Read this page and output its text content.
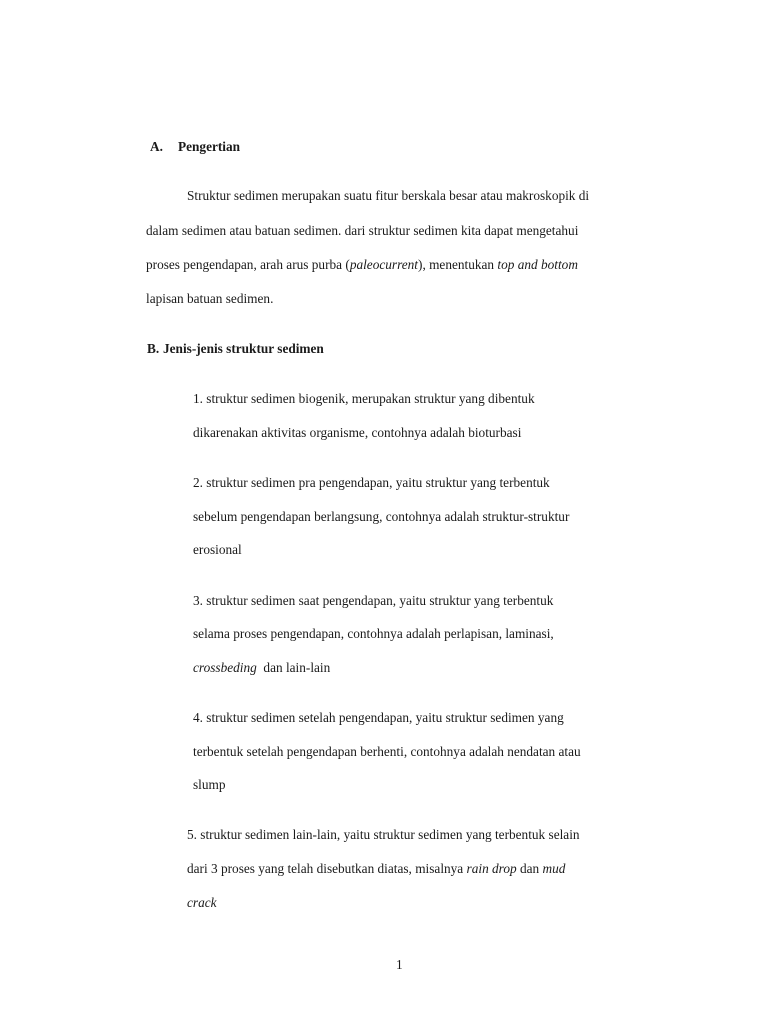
A. Pengertian
Struktur sedimen merupakan suatu fitur berskala besar atau makroskopik di
dalam sedimen atau batuan sedimen. dari struktur sedimen kita dapat mengetahui
proses pengendapan, arah arus purba (paleocurrent), menentukan top and bottom
lapisan batuan sedimen.
B. Jenis-jenis struktur sedimen
1. struktur sedimen biogenik, merupakan struktur yang dibentuk
dikarenakan aktivitas organisme, contohnya adalah bioturbasi
2. struktur sedimen pra pengendapan, yaitu struktur yang terbentuk
sebelum pengendapan berlangsung, contohnya adalah struktur-struktur
erosional
3. struktur sedimen saat pengendapan, yaitu struktur yang terbentuk
selama proses pengendapan, contohnya adalah perlapisan, laminasi,
crossbeding  dan lain-lain
4. struktur sedimen setelah pengendapan, yaitu struktur sedimen yang
terbentuk setelah pengendapan berhenti, contohnya adalah nendatan atau
slump
5. struktur sedimen lain-lain, yaitu struktur sedimen yang terbentuk selain
dari 3 proses yang telah disebutkan diatas, misalnya rain drop dan mud
crack
1
